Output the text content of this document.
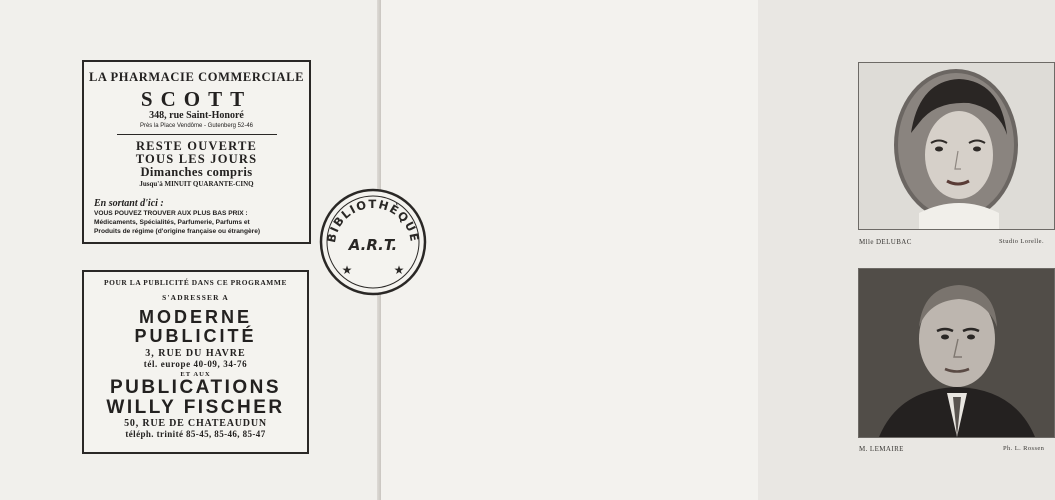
LA PHARMACIE COMMERCIALE
SCOTT
348, rue Saint-Honoré
Près la Place Vendôme - Gutenberg 52-46
RESTE OUVERTE
TOUS LES JOURS
Dimanches compris
Jusqu'à MINUIT QUARANTE-CINQ
En sortant d'ici :
VOUS POUVEZ TROUVER AUX PLUS BAS PRIX :
Médicaments, Spécialités, Parfumerie, Parfums et
Produits de régime (d'origine française ou étrangère)
POUR LA PUBLICITÉ DANS CE PROGRAMME
S'ADRESSER A
MODERNE
PUBLICITÉ
3, RUE DU HAVRE
tél. europe 40-09, 34-76
ET AUX
PUBLICATIONS
WILLY FISCHER
50, RUE DE CHATEAUDUN
téléph. trinité 85-45, 85-46, 85-47
Mlle DELUBAC	Studio Lorelle.
M. LEMAIRE	Ph. L. Rossen
BIBLIOTHÈQUE
A.R.T.
★	★
